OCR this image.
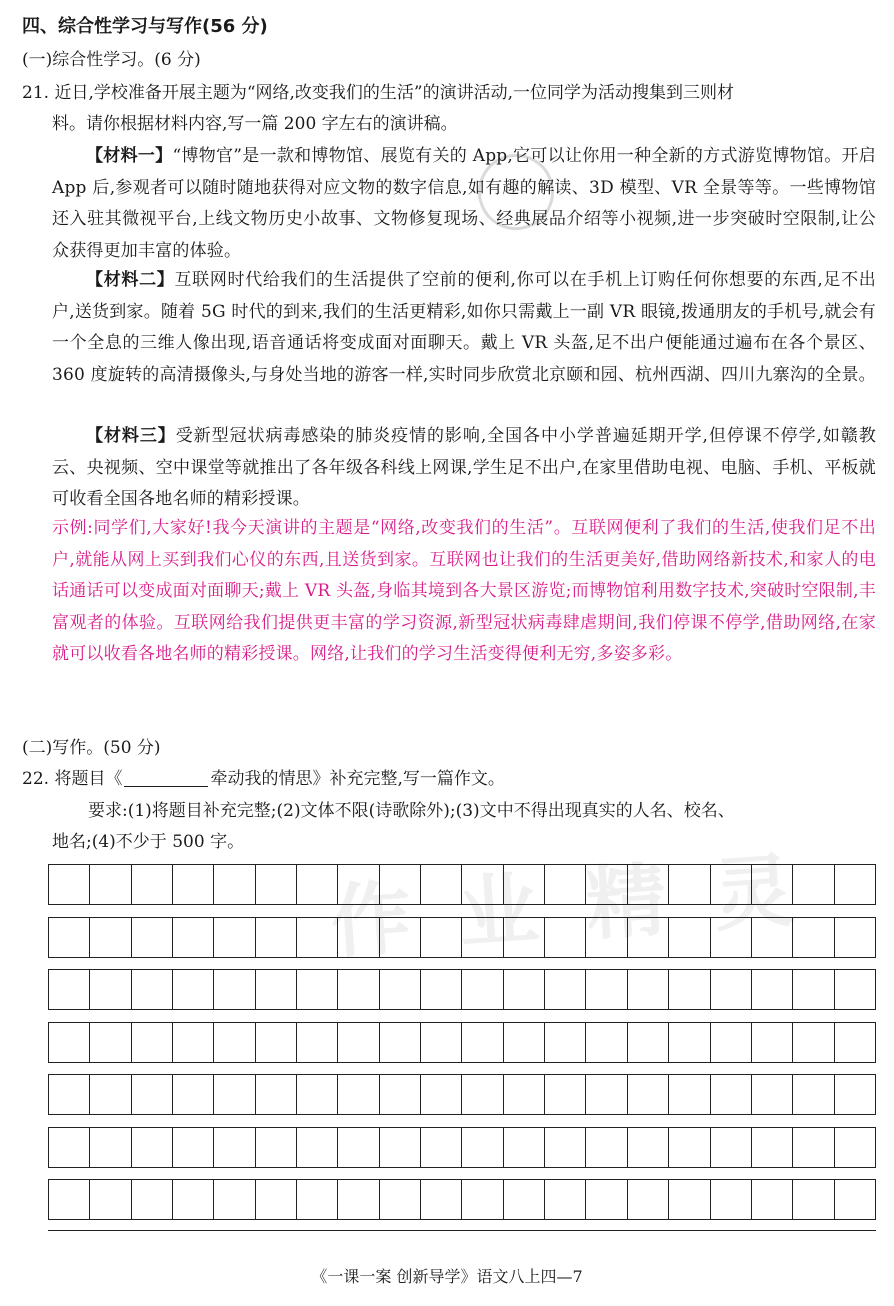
作 业 精 灵
四、综合性学习与写作(56 分)
(一)综合性学习。(6 分)
21. 近日,学校准备开展主题为“网络,改变我们的生活”的演讲活动,一位同学为活动搜集到三则材
料。请你根据材料内容,写一篇 200 字左右的演讲稿。
【材料一】“博物官”是一款和博物馆、展览有关的 App,它可以让你用一种全新的方式游览博物馆。开启 App 后,参观者可以随时随地获得对应文物的数字信息,如有趣的解读、3D 模型、VR 全景等等。一些博物馆还入驻其微视平台,上线文物历史小故事、文物修复现场、经典展品介绍等小视频,进一步突破时空限制,让公众获得更加丰富的体验。
【材料二】互联网时代给我们的生活提供了空前的便利,你可以在手机上订购任何你想要的东西,足不出户,送货到家。随着 5G 时代的到来,我们的生活更精彩,如你只需戴上一副 VR 眼镜,拨通朋友的手机号,就会有一个全息的三维人像出现,语音通话将变成面对面聊天。戴上 VR 头盔,足不出户便能通过遍布在各个景区、360 度旋转的高清摄像头,与身处当地的游客一样,实时同步欣赏北京颐和园、杭州西湖、四川九寨沟的全景。
【材料三】受新型冠状病毒感染的肺炎疫情的影响,全国各中小学普遍延期开学,但停课不停学,如赣教云、央视频、空中课堂等就推出了各年级各科线上网课,学生足不出户,在家里借助电视、电脑、手机、平板就可收看全国各地名师的精彩授课。
示例:同学们,大家好!我今天演讲的主题是“网络,改变我们的生活”。互联网便利了我们的生活,使我们足不出户,就能从网上买到我们心仪的东西,且送货到家。互联网也让我们的生活更美好,借助网络新技术,和家人的电话通话可以变成面对面聊天;戴上 VR 头盔,身临其境到各大景区游览;而博物馆利用数字技术,突破时空限制,丰富观者的体验。互联网给我们提供更丰富的学习资源,新型冠状病毒肆虐期间,我们停课不停学,借助网络,在家就可以收看各地名师的精彩授课。网络,让我们的学习生活变得便利无穷,多姿多彩。
(二)写作。(50 分)
22. 将题目《	牵动我的情思》补充完整,写一篇作文。
要求:(1)将题目补充完整;(2)文体不限(诗歌除外);(3)文中不得出现真实的人名、校名、
地名;(4)不少于 500 字。
《一课一案 创新导学》语文八上四—7
